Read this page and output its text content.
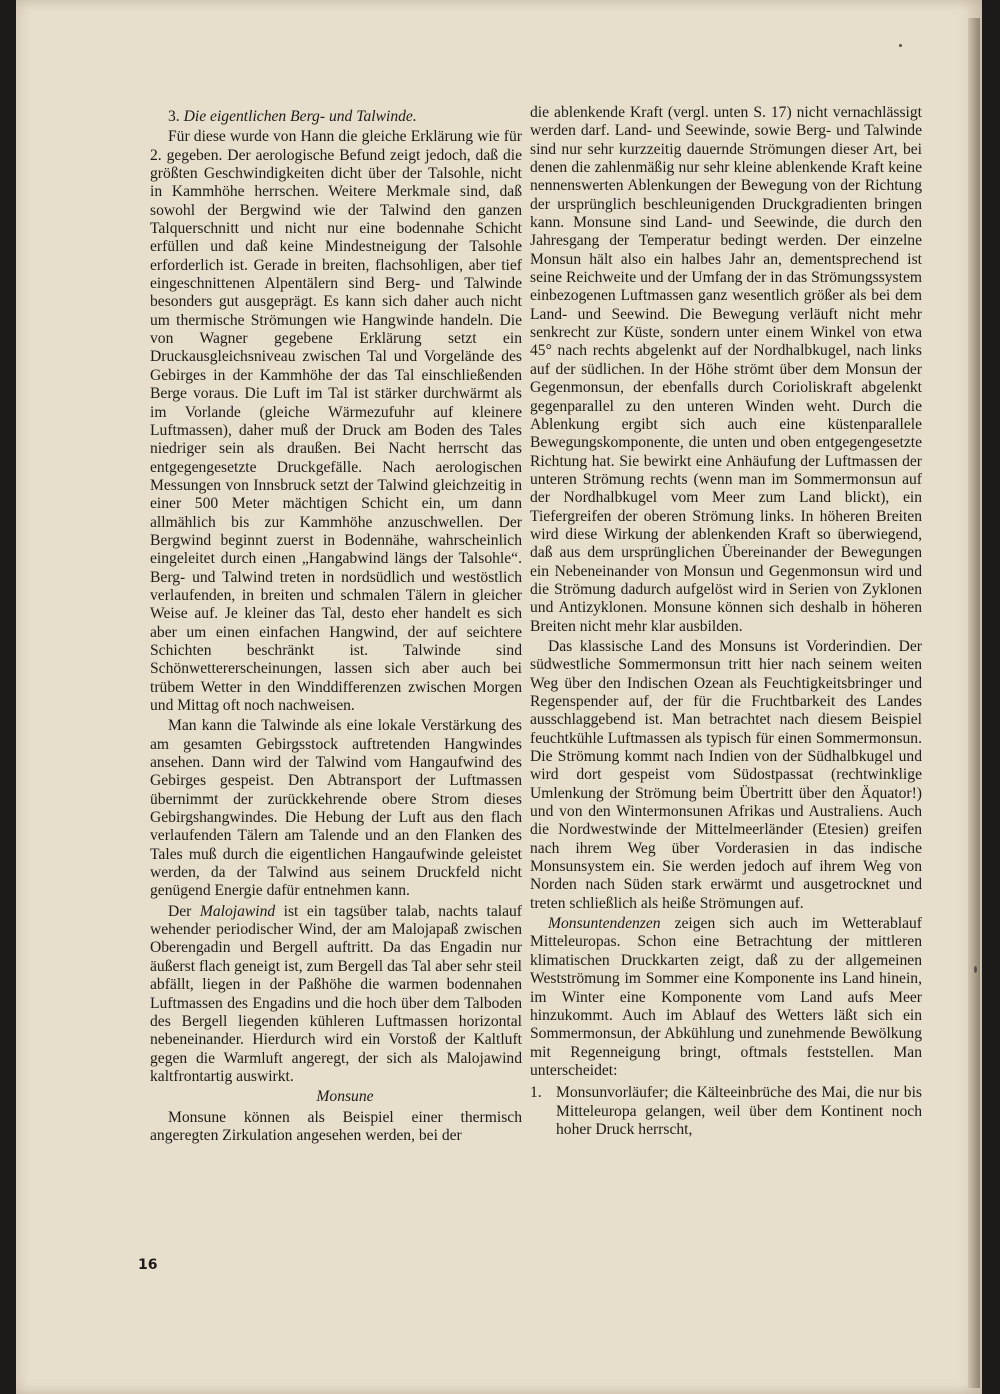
3. Die eigentlichen Berg- und Talwinde.

Für diese wurde von Hann die gleiche Erklärung wie für 2. gegeben. Der aerologische Befund zeigt jedoch, daß die größten Geschwindigkeiten dicht über der Talsohle, nicht in Kammhöhe herrschen. Weitere Merkmale sind, daß sowohl der Bergwind wie der Talwind den ganzen Talquerschnitt und nicht nur eine bodennahe Schicht erfüllen und daß keine Mindestneigung der Talsohle erforderlich ist. Gerade in breiten, flachsohligen, aber tief eingeschnittenen Alpentälern sind Berg- und Talwinde besonders gut ausgeprägt. Es kann sich daher auch nicht um thermische Strömungen wie Hangwinde handeln. Die von Wagner gegebene Erklärung setzt ein Druckausgleichsniveau zwischen Tal und Vorgelände des Gebirges in der Kammhöhe der das Tal einschließenden Berge voraus. Die Luft im Tal ist stärker durchwärmt als im Vorlande (gleiche Wärmezufuhr auf kleinere Luftmassen), daher muß der Druck am Boden des Tales niedriger sein als draußen. Bei Nacht herrscht das entgegengesetzte Druckgefälle. Nach aerologischen Messungen von Innsbruck setzt der Talwind gleichzeitig in einer 500 Meter mächtigen Schicht ein, um dann allmählich bis zur Kammhöhe anzuschwellen. Der Bergwind beginnt zuerst in Bodennähe, wahrscheinlich eingeleitet durch einen „Hangabwind längs der Talsohle“. Berg- und Talwind treten in nordsüdlich und westöstlich verlaufenden, in breiten und schmalen Tälern in gleicher Weise auf. Je kleiner das Tal, desto eher handelt es sich aber um einen einfachen Hangwind, der auf seichtere Schichten beschränkt ist. Talwinde sind Schönwettererscheinungen, lassen sich aber auch bei trübem Wetter in den Winddifferenzen zwischen Morgen und Mittag oft noch nachweisen.

Man kann die Talwinde als eine lokale Verstärkung des am gesamten Gebirgsstock auftretenden Hangwindes ansehen. Dann wird der Talwind vom Hangaufwind des Gebirges gespeist. Den Abtransport der Luftmassen übernimmt der zurückkehrende obere Strom dieses Gebirgshangwindes. Die Hebung der Luft aus den flach verlaufenden Tälern am Talende und an den Flanken des Tales muß durch die eigentlichen Hangaufwinde geleistet werden, da der Talwind aus seinem Druckfeld nicht genügend Energie dafür entnehmen kann.

Der Malojawind ist ein tagsüber talab, nachts talauf wehender periodischer Wind, der am Malojapaß zwischen Oberengadin und Bergell auftritt. Da das Engadin nur äußerst flach geneigt ist, zum Bergell das Tal aber sehr steil abfällt, liegen in der Paßhöhe die warmen bodennahen Luftmassen des Engadins und die hoch über dem Talboden des Bergell liegenden kühleren Luftmassen horizontal nebeneinander. Hierdurch wird ein Vorstoß der Kaltluft gegen die Warmluft angeregt, der sich als Malojawind kaltfrontartig auswirkt.

Monsune

Monsune können als Beispiel einer thermisch angeregten Zirkulation angesehen werden, bei der

die ablenkende Kraft (vergl. unten S. 17) nicht vernachlässigt werden darf. Land- und Seewinde, sowie Berg- und Talwinde sind nur sehr kurzzeitig dauernde Strömungen dieser Art, bei denen die zahlenmäßig nur sehr kleine ablenkende Kraft keine nennenswerten Ablenkungen der Bewegung von der Richtung der ursprünglich beschleunigenden Druckgradienten bringen kann. Monsune sind Land- und Seewinde, die durch den Jahresgang der Temperatur bedingt werden. Der einzelne Monsun hält also ein halbes Jahr an, dementsprechend ist seine Reichweite und der Umfang der in das Strömungssystem einbezogenen Luftmassen ganz wesentlich größer als bei dem Land- und Seewind. Die Bewegung verläuft nicht mehr senkrecht zur Küste, sondern unter einem Winkel von etwa 45° nach rechts abgelenkt auf der Nordhalbkugel, nach links auf der südlichen. In der Höhe strömt über dem Monsun der Gegenmonsun, der ebenfalls durch Corioliskraft abgelenkt gegenparallel zu den unteren Winden weht. Durch die Ablenkung ergibt sich auch eine küstenparallele Bewegungskomponente, die unten und oben entgegengesetzte Richtung hat. Sie bewirkt eine Anhäufung der Luftmassen der unteren Strömung rechts (wenn man im Sommermonsun auf der Nordhalbkugel vom Meer zum Land blickt), ein Tiefergreifen der oberen Strömung links. In höheren Breiten wird diese Wirkung der ablenkenden Kraft so überwiegend, daß aus dem ursprünglichen Übereinander der Bewegungen ein Nebeneinander von Monsun und Gegenmonsun wird und die Strömung dadurch aufgelöst wird in Serien von Zyklonen und Antizyklonen. Monsune können sich deshalb in höheren Breiten nicht mehr klar ausbilden.

Das klassische Land des Monsuns ist Vorderindien. Der südwestliche Sommermonsun tritt hier nach seinem weiten Weg über den Indischen Ozean als Feuchtigkeitsbringer und Regenspender auf, der für die Fruchtbarkeit des Landes ausschlaggebend ist. Man betrachtet nach diesem Beispiel feuchtkühle Luftmassen als typisch für einen Sommermonsun. Die Strömung kommt nach Indien von der Südhalbkugel und wird dort gespeist vom Südostpassat (rechtwinklige Umlenkung der Strömung beim Übertritt über den Äquator!) und von den Wintermonsunen Afrikas und Australiens. Auch die Nordwestwinde der Mittelmeerländer (Etesien) greifen nach ihrem Weg über Vorderasien in das indische Monsunsystem ein. Sie werden jedoch auf ihrem Weg von Norden nach Süden stark erwärmt und ausgetrocknet und treten schließlich als heiße Strömungen auf.

Monsuntendenzen zeigen sich auch im Wetterablauf Mitteleuropas. Schon eine Betrachtung der mittleren klimatischen Druckkarten zeigt, daß zu der allgemeinen Westströmung im Sommer eine Komponente ins Land hinein, im Winter eine Komponente vom Land aufs Meer hinzukommt. Auch im Ablauf des Wetters läßt sich ein Sommermonsun, der Abkühlung und zunehmende Bewölkung mit Regenneigung bringt, oftmals feststellen. Man unterscheidet:

1. Monsunvorläufer; die Kälteeinbrüche des Mai, die nur bis Mitteleuropa gelangen, weil über dem Kontinent noch hoher Druck herrscht,
16
